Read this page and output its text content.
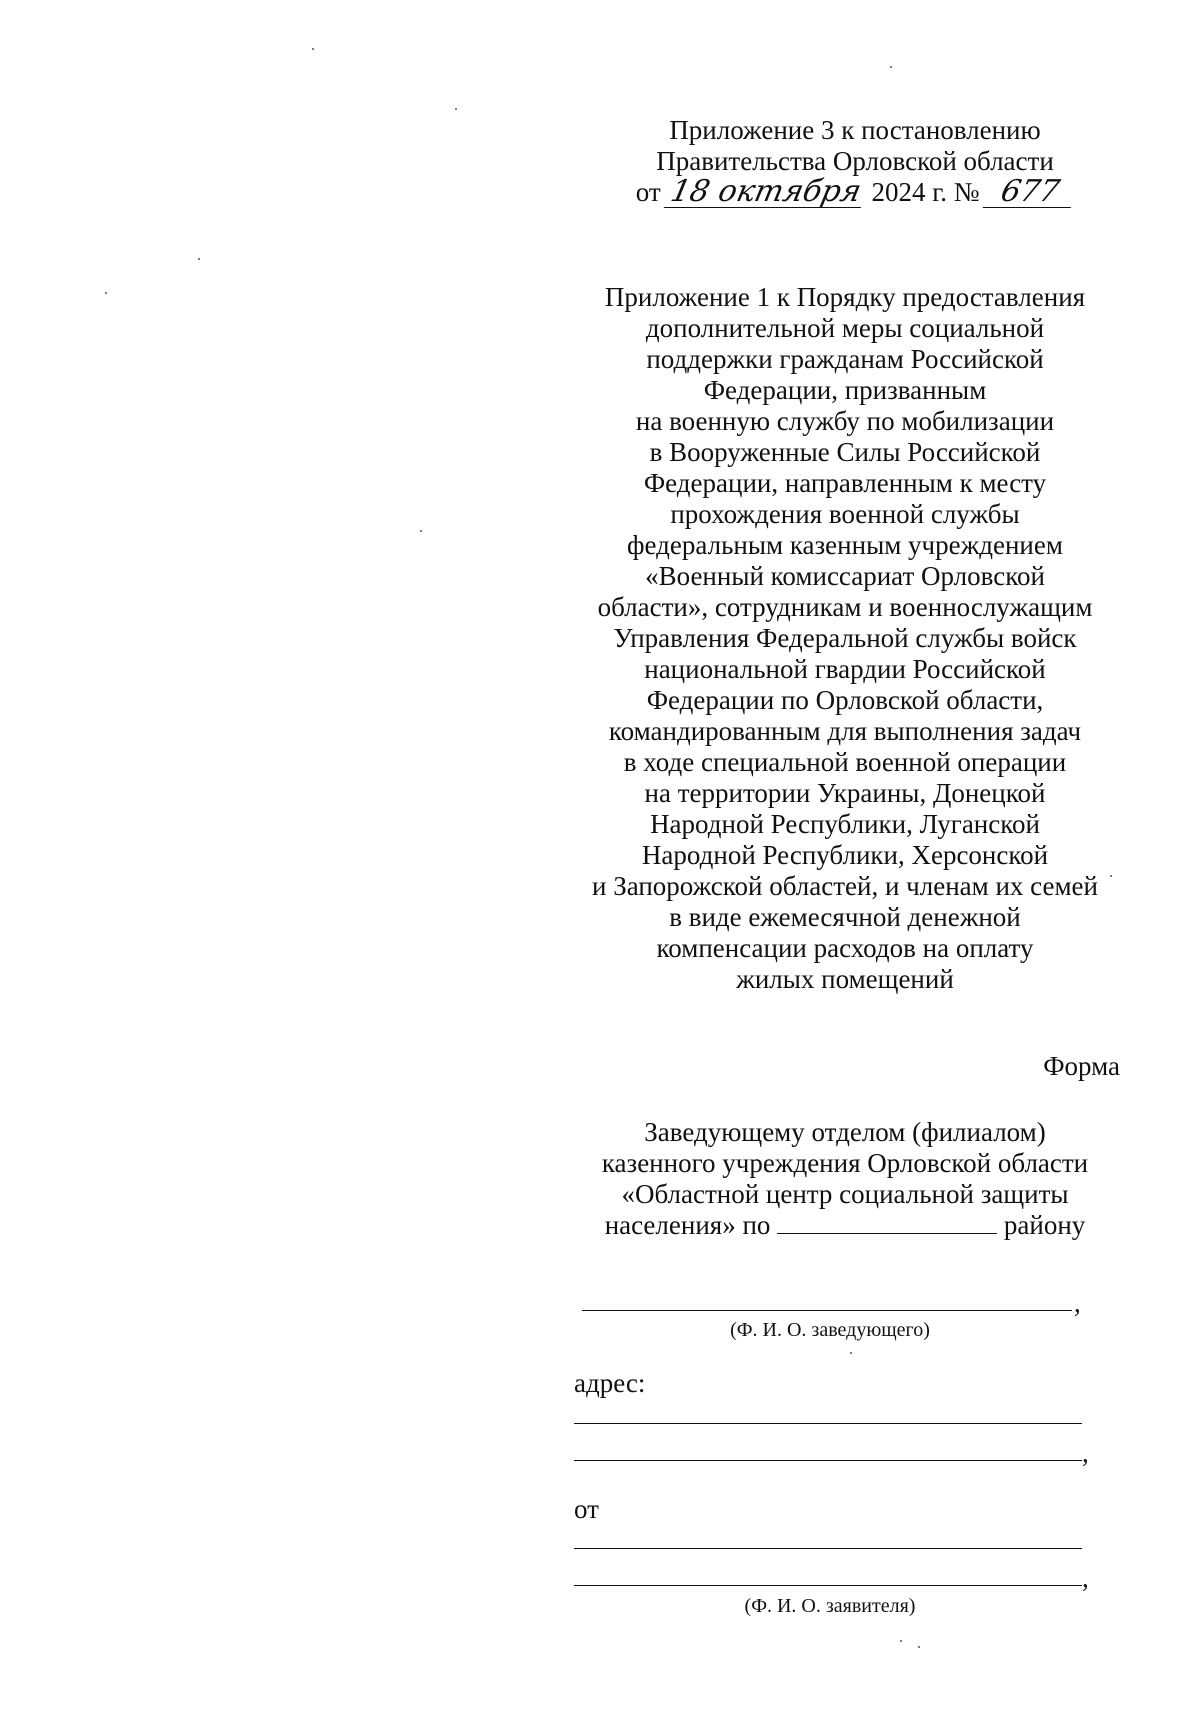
Приложение 3 к постановлению
Правительства Орловской области
от 18 октября 2024 г. № 677
Приложение 1 к Порядку предоставления
дополнительной меры социальной
поддержки гражданам Российской
Федерации, призванным
на военную службу по мобилизации
в Вооруженные Силы Российской
Федерации, направленным к месту
прохождения военной службы
федеральным казенным учреждением
«Военный комиссариат Орловской
области», сотрудникам и военнослужащим
Управления Федеральной службы войск
национальной гвардии Российской
Федерации по Орловской области,
командированным для выполнения задач
в ходе специальной военной операции
на территории Украины, Донецкой
Народной Республики, Луганской
Народной Республики, Херсонской
и Запорожской областей, и членам их семей
в виде ежемесячной денежной
компенсации расходов на оплату
жилых помещений
Форма
Заведующему отделом (филиалом)
казенного учреждения Орловской области
«Областной центр социальной защиты
населения» по	району
,
(Ф. И. О. заведующего)
адрес:
,
от
,
(Ф. И. О. заявителя)
